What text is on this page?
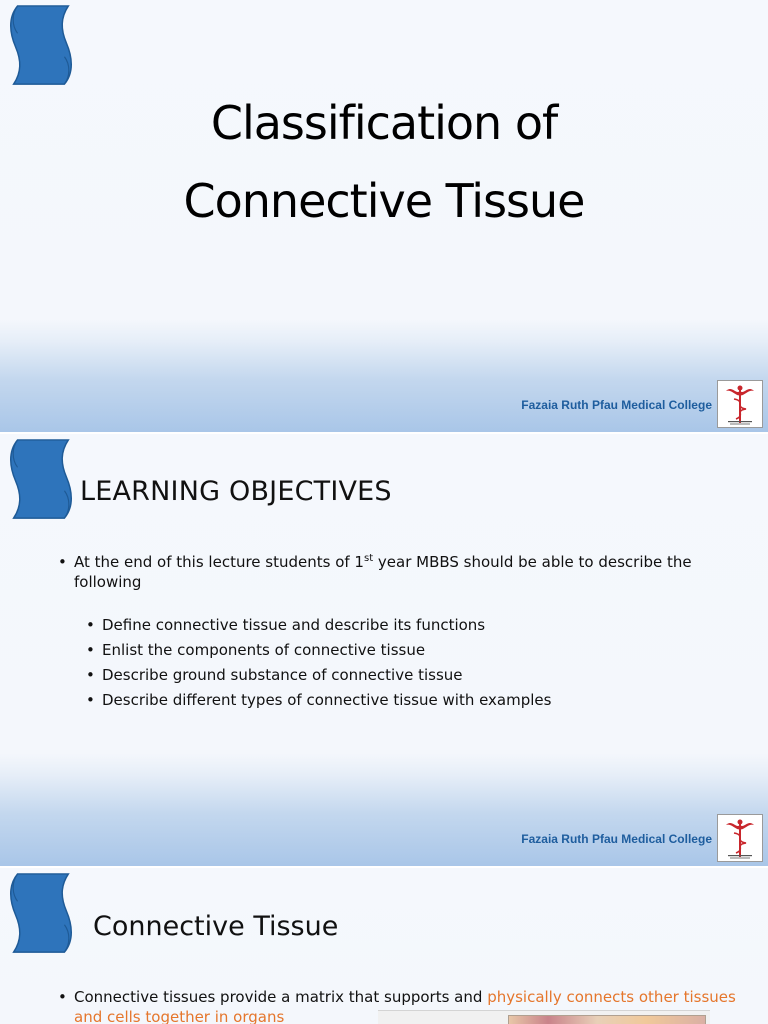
Classification of
Connective Tissue
Fazaia Ruth Pfau Medical College
LEARNING OBJECTIVES
• At the end of this lecture students of 1st year MBBS should be able to describe the following
• Define connective tissue and describe its functions
• Enlist the components of connective tissue
• Describe ground substance of connective tissue
• Describe different types of connective tissue with examples
Fazaia Ruth Pfau Medical College
Connective Tissue
• Connective tissues provide a matrix that supports and physically connects other tissues and cells together in organs
